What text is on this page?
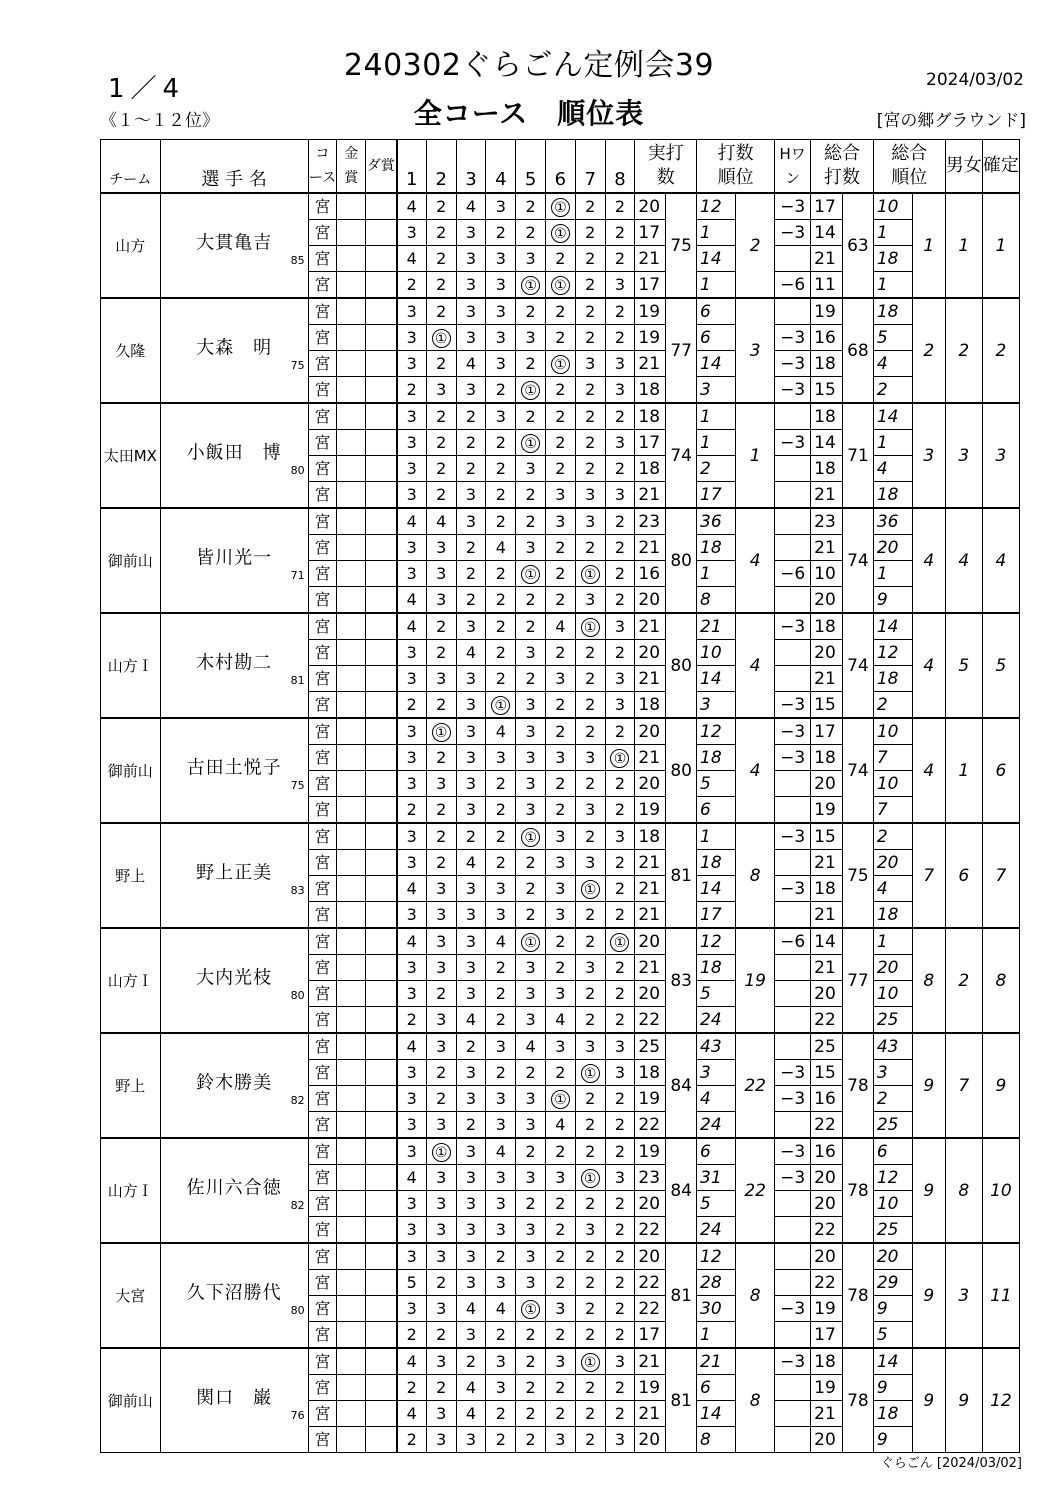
240302ぐらごん定例会39
1／4	2024/03/02
《１～１２位》	全コース　順位表	[宮の郷グラウンド]
チーム	選 手 名	コース	金賞	ダ賞	1	2	3	4	5	6	7	8	実打数		打数順位		Hワン	総合打数		総合順位		男女	確定
山方	大貫亀吉
85	宮			4	2	4	3	2	①	2	2	20	75	12	2	−3	17	63	10	1	1	1
		宮			3	2	3	2	2	①	2	2	17		1		−3	14		1			
		宮			4	2	3	3	3	2	2	2	21		14			21		18			
		宮			2	2	3	3	①	①	2	3	17		1		−6	11		1			
久隆	大森　明
75	宮			3	2	3	3	2	2	2	2	19	77	6	3		19	68	18	2	2	2
		宮			3	①	3	3	3	2	2	2	19		6		−3	16		5			
		宮			3	2	4	3	2	①	3	3	21		14		−3	18		4			
		宮			2	3	3	2	①	2	2	3	18		3		−3	15		2			
太田MX	小飯田　博
80	宮			3	2	2	3	2	2	2	2	18	74	1	1		18	71	14	3	3	3
		宮			3	2	2	2	①	2	2	3	17		1		−3	14		1			
		宮			3	2	2	2	3	2	2	2	18		2			18		4			
		宮			3	2	3	2	2	3	3	3	21		17			21		18			
御前山	皆川光一
71	宮			4	4	3	2	2	3	3	2	23	80	36	4		23	74	36	4	4	4
		宮			3	3	2	4	3	2	2	2	21		18			21		20			
		宮			3	3	2	2	①	2	①	2	16		1		−6	10		1			
		宮			4	3	2	2	2	2	3	2	20		8			20		9			
山方Ｉ	木村勘二
81	宮			4	2	3	2	2	4	①	3	21	80	21	4	−3	18	74	14	4	5	5
		宮			3	2	4	2	3	2	2	2	20		10			20		12			
		宮			3	3	3	2	2	3	2	3	21		14			21		18			
		宮			2	2	3	①	3	2	2	3	18		3		−3	15		2			
御前山	古田土悦子
75	宮			3	①	3	4	3	2	2	2	20	80	12	4	−3	17	74	10	4	1	6
		宮			3	2	3	3	3	3	3	①	21		18		−3	18		7			
		宮			3	3	3	2	3	2	2	2	20		5			20		10			
		宮			2	2	3	2	3	2	3	2	19		6			19		7			
野上	野上正美
83	宮			3	2	2	2	①	3	2	3	18	81	1	8	−3	15	75	2	7	6	7
		宮			3	2	4	2	2	3	3	2	21		18			21		20			
		宮			4	3	3	3	2	3	①	2	21		14		−3	18		4			
		宮			3	3	3	3	2	3	2	2	21		17			21		18			
山方Ｉ	大内光枝
80	宮			4	3	3	4	①	2	2	①	20	83	12	19	−6	14	77	1	8	2	8
		宮			3	3	3	2	3	2	3	2	21		18			21		20			
		宮			3	2	3	2	3	3	2	2	20		5			20		10			
		宮			2	3	4	2	3	4	2	2	22		24			22		25			
野上	鈴木勝美
82	宮			4	3	2	3	4	3	3	3	25	84	43	22		25	78	43	9	7	9
		宮			3	2	3	2	2	2	①	3	18		3		−3	15		3			
		宮			3	2	3	3	3	①	2	2	19		4		−3	16		2			
		宮			3	3	2	3	3	4	2	2	22		24			22		25			
山方Ｉ	佐川六合徳
82	宮			3	①	3	4	2	2	2	2	19	84	6	22	−3	16	78	6	9	8	10
		宮			4	3	3	3	3	3	①	3	23		31		−3	20		12			
		宮			3	3	3	3	2	2	2	2	20		5			20		10			
		宮			3	3	3	3	3	2	3	2	22		24			22		25			
大宮	久下沼勝代
80	宮			3	3	3	2	3	2	2	2	20	81	12	8		20	78	20	9	3	11
		宮			5	2	3	3	3	2	2	2	22		28			22		29			
		宮			3	3	4	4	①	3	2	2	22		30		−3	19		9			
		宮			2	2	3	2	2	2	2	2	17		1			17		5			
御前山	関口　巌
76	宮			4	3	2	3	2	3	①	3	21	81	21	8	−3	18	78	14	9	9	12
		宮			2	2	4	3	2	2	2	2	19		6			19		9			
		宮			4	3	4	2	2	2	2	2	21		14			21		18			
		宮			2	3	3	2	2	3	2	3	20		8			20		9			
ぐらごん [2024/03/02]
